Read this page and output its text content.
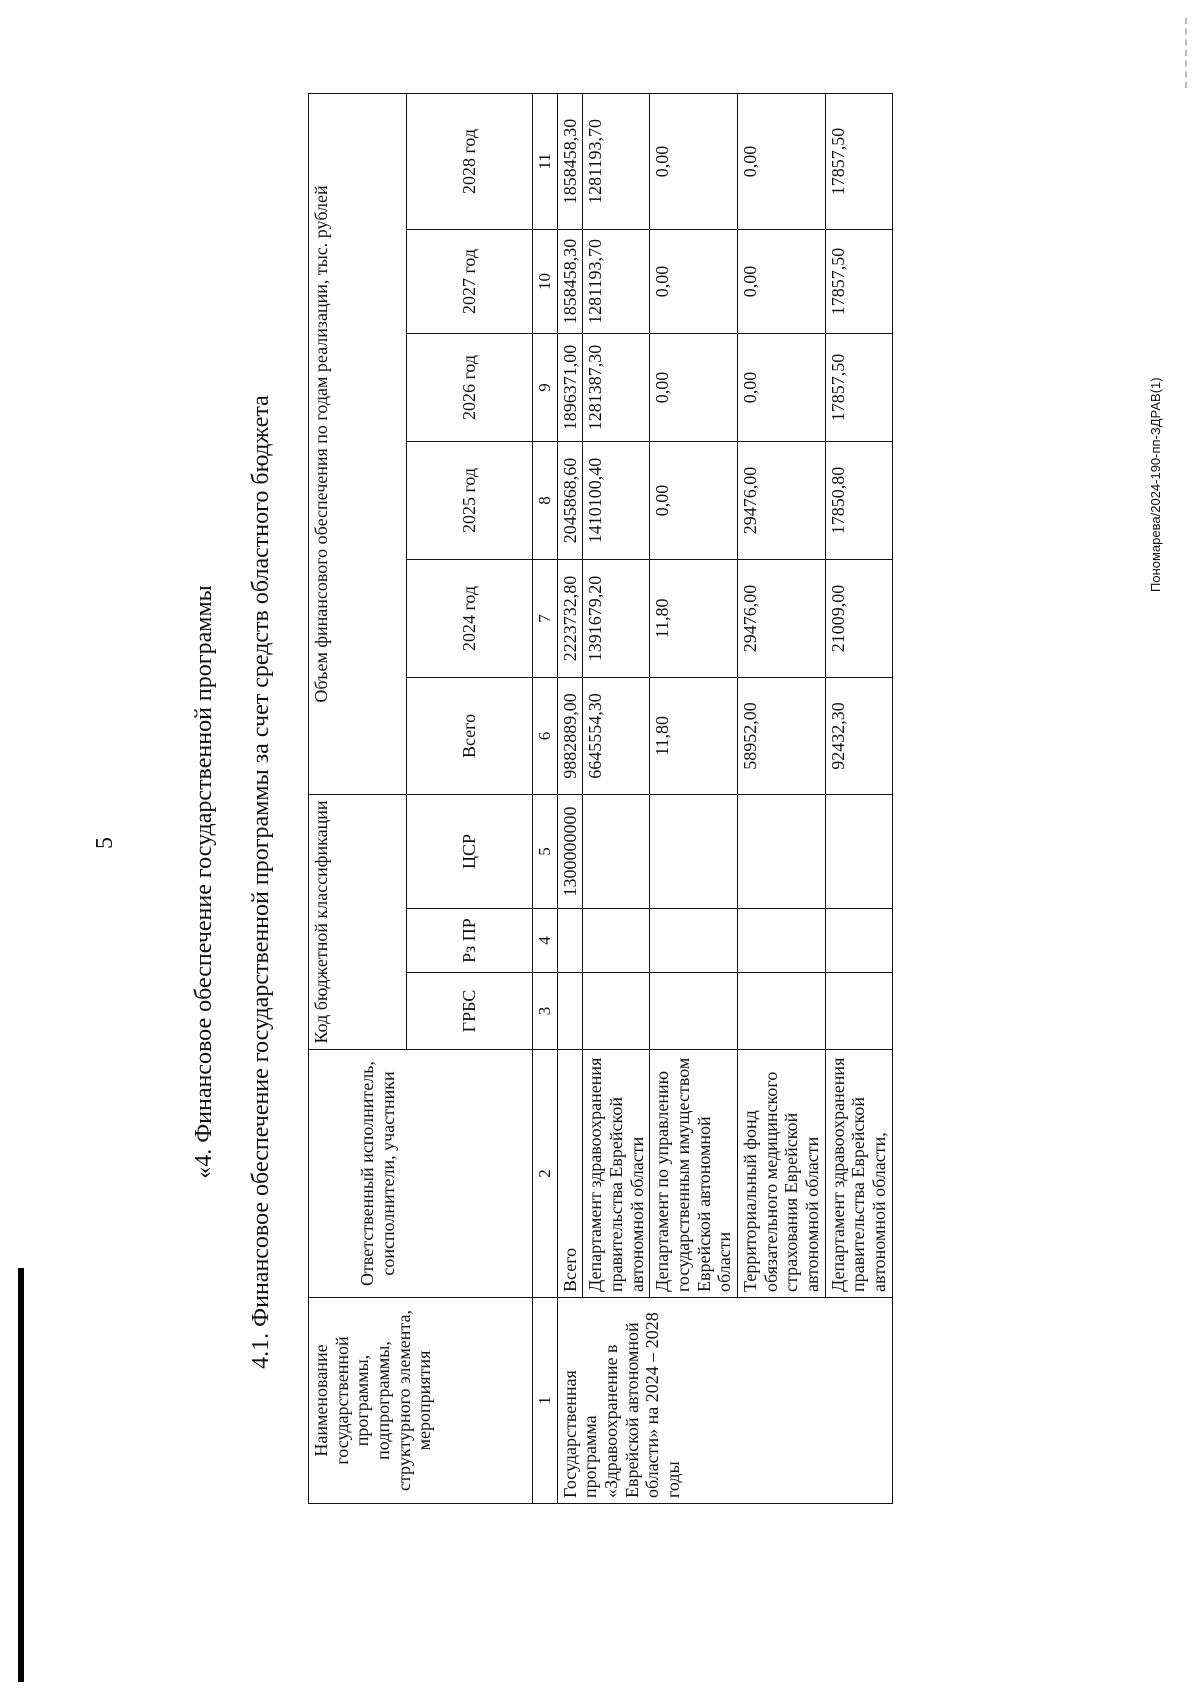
5	«4. Финансовое обеспечение государственной программы 4.1. Финансовое обеспечение государственной программы за счет средств областного бюджета
Наименование государственной программы, подпрограммы, структурного элемента, мероприятия	Ответственный исполнитель, соисполнители, участники	Код бюджетной классификации			Объем финансового обеспечения по годам реализации, тыс. рублей					
		ГРБС	Рз ПР	ЦСР	Всего	2024 год	2025 год	2026 год	2027 год	2028 год
1	2	3	4	5	6	7	8	9	10	11
Государственная программа «Здравоохранение в Еврейской автономной области» на 2024 – 2028 годы	Всего			1300000000	9882889,00	2223732,80	2045868,60	1896371,00	1858458,30	1858458,30
	Департамент здравоохранения правительства Еврейской автономной области				6645554,30	1391679,20	1410100,40	1281387,30	1281193,70	1281193,70
	Департамент по управлению государственным имуществом Еврейской автономной области				11,80	11,80	0,00	0,00	0,00	0,00
	Территориальный фонд обязательного медицинского страхования Еврейской автономной области				58952,00	29476,00	29476,00	0,00	0,00	0,00
	Департамент здравоохранения правительства Еврейской автономной области,				92432,30	21009,00	17850,80	17857,50	17857,50	17857,50
Пономарева/2024-190-пп-ЗДРАВ(1)
